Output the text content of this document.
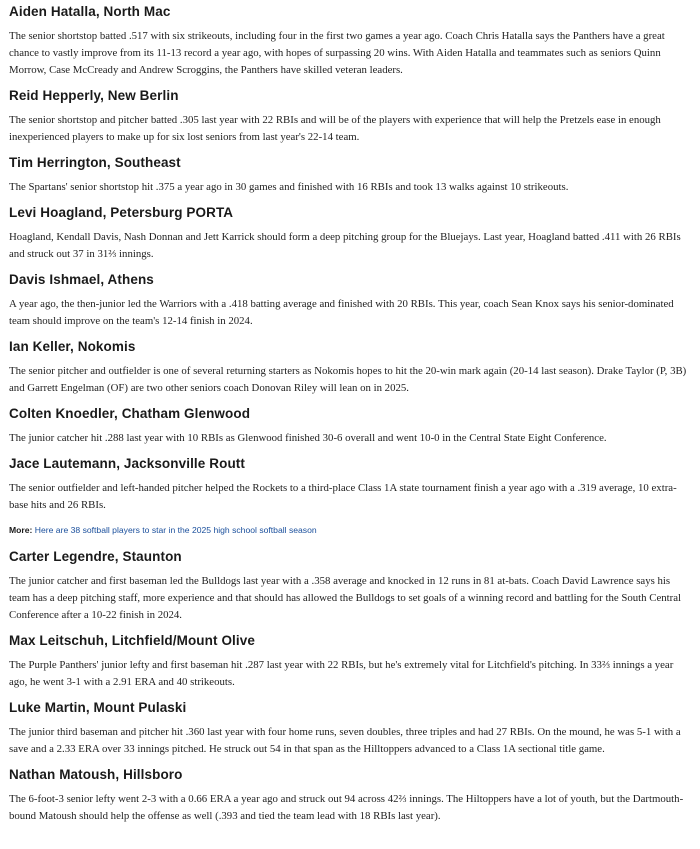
Aiden Hatalla, North Mac

The senior shortstop batted .517 with six strikeouts, including four in the first two games a year ago. Coach Chris Hatalla says the Panthers have a great chance to vastly improve from its 11-13 record a year ago, with hopes of surpassing 20 wins. With Aiden Hatalla and teammates such as seniors Quinn Morrow, Case McCready and Andrew Scroggins, the Panthers have skilled veteran leaders.

Reid Hepperly, New Berlin

The senior shortstop and pitcher batted .305 last year with 22 RBIs and will be of the players with experience that will help the Pretzels ease in enough inexperienced players to make up for six lost seniors from last year's 22-14 team.

Tim Herrington, Southeast

The Spartans' senior shortstop hit .375 a year ago in 30 games and finished with 16 RBIs and took 13 walks against 10 strikeouts.

Levi Hoagland, Petersburg PORTA

Hoagland, Kendall Davis, Nash Donnan and Jett Karrick should form a deep pitching group for the Bluejays. Last year, Hoagland batted .411 with 26 RBIs and struck out 37 in 31⅔ innings.

Davis Ishmael, Athens

A year ago, the then-junior led the Warriors with a .418 batting average and finished with 20 RBIs. This year, coach Sean Knox says his senior-dominated team should improve on the team's 12-14 finish in 2024.

Ian Keller, Nokomis

The senior pitcher and outfielder is one of several returning starters as Nokomis hopes to hit the 20-win mark again (20-14 last season). Drake Taylor (P, 3B) and Garrett Engelman (OF) are two other seniors coach Donovan Riley will lean on in 2025.

Colten Knoedler, Chatham Glenwood

The junior catcher hit .288 last year with 10 RBIs as Glenwood finished 30-6 overall and went 10-0 in the Central State Eight Conference.

Jace Lautemann, Jacksonville Routt

The senior outfielder and left-handed pitcher helped the Rockets to a third-place Class 1A state tournament finish a year ago with a .319 average, 10 extra-base hits and 26 RBIs.

More: Here are 38 softball players to star in the 2025 high school softball season

Carter Legendre, Staunton

The junior catcher and first baseman led the Bulldogs last year with a .358 average and knocked in 12 runs in 81 at-bats. Coach David Lawrence says his team has a deep pitching staff, more experience and that should has allowed the Bulldogs to set goals of a winning record and battling for the South Central Conference after a 10-22 finish in 2024.

Max Leitschuh, Litchfield/Mount Olive

The Purple Panthers' junior lefty and first baseman hit .287 last year with 22 RBIs, but he's extremely vital for Litchfield's pitching. In 33⅔ innings a year ago, he went 3-1 with a 2.91 ERA and 40 strikeouts.

Luke Martin, Mount Pulaski

The junior third baseman and pitcher hit .360 last year with four home runs, seven doubles, three triples and had 27 RBIs. On the mound, he was 5-1 with a save and a 2.33 ERA over 33 innings pitched. He struck out 54 in that span as the Hilltoppers advanced to a Class 1A sectional title game.

Nathan Matoush, Hillsboro

The 6-foot-3 senior lefty went 2-3 with a 0.66 ERA a year ago and struck out 94 across 42⅔ innings. The Hiltoppers have a lot of youth, but the Dartmouth-bound Matoush should help the offense as well (.393 and tied the team lead with 18 RBIs last year).
